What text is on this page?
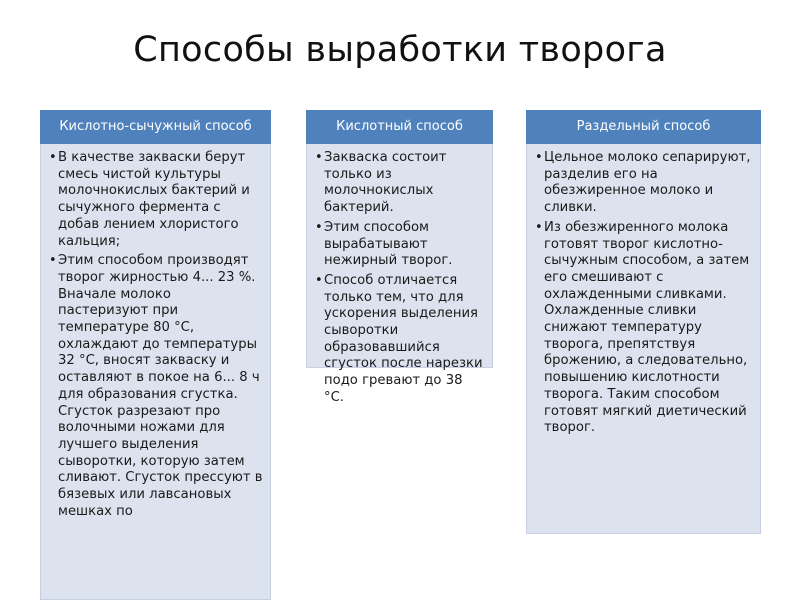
Способы выработки творога
Кислотно-сычужный способ
• В качестве закваски берут смесь чистой культуры молочнокислых бактерий и сычужного фермента с добав лением хлористого кальция;
• Этим способом производят творог жирностью 4... 23 %. Вначале молоко пастеризуют при температуре 80 °С, охлаждают до температуры 32 °С, вносят закваску и оставляют в покое на 6... 8 ч для образования сгустка. Сгусток разрезают про волочными ножами для лучшего выделения сыворотки, которую затем сливают. Сгусток прессуют в бязевых или лавсановых мешках по
Кислотный способ
• Закваска состоит только из молочнокислых бактерий.
• Этим способом вырабатывают нежирный творог.
• Способ отличается только тем, что для ускорения выделения сыворотки образовавшийся сгусток после нарезки подо гревают до 38 °С.
Раздельный способ
• Цельное молоко сепарируют, разделив его на обезжиренное молоко и сливки.
• Из обезжиренного молока готовят творог кислотно- сычужным способом, а затем его смешивают с охлажденными сливками. Охлажденные сливки снижают температуру творога, препятствуя брожению, а следовательно, повышению кислотности творога. Таким способом готовят мягкий диетический творог.
